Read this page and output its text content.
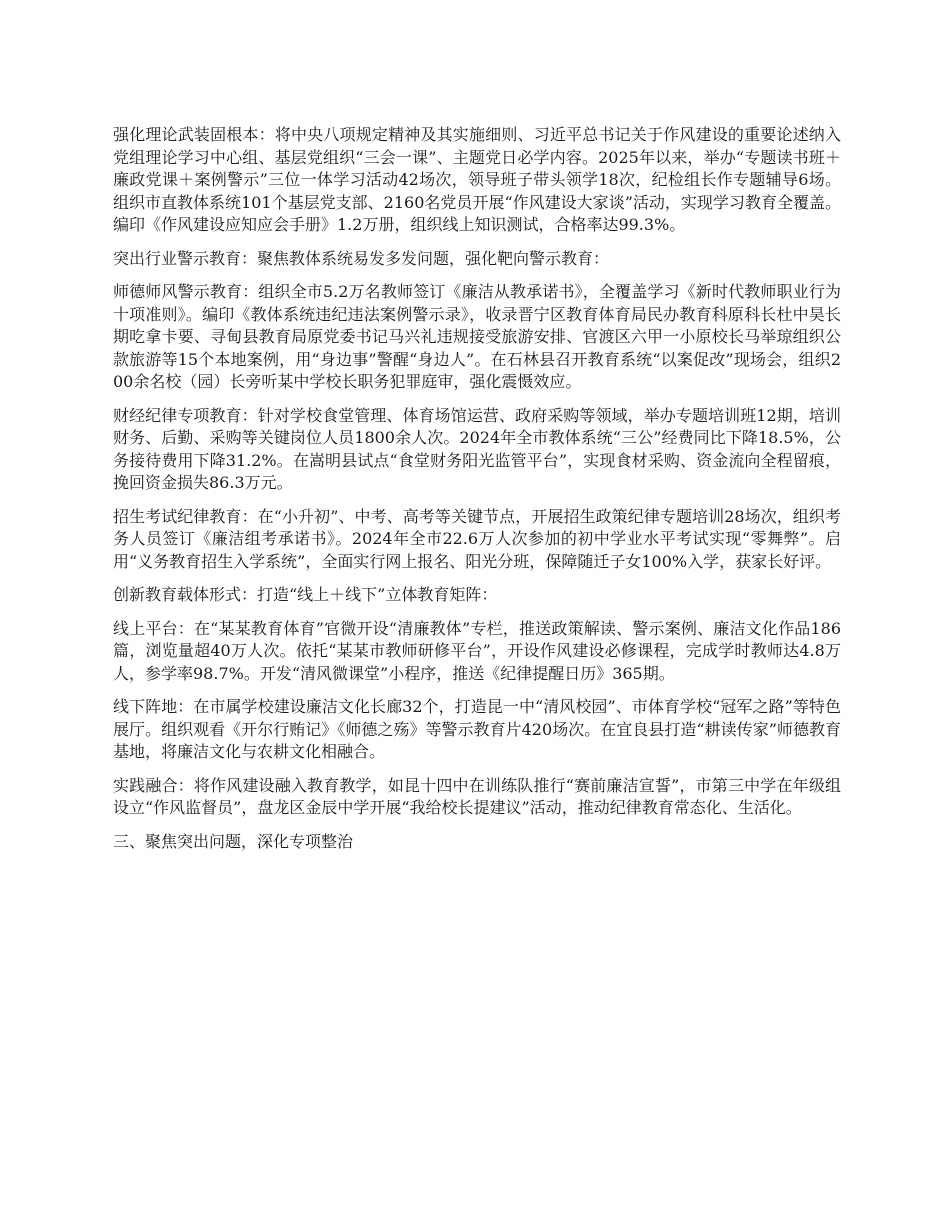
强化理论武装固根本：将中央八项规定精神及其实施细则、习近平总书记关于作风建设的重要论述纳入党组理论学习中心组、基层党组织“三会一课”、主题党日必学内容。2025年以来，举办“专题读书班＋廉政党课＋案例警示”三位一体学习活动42场次，领导班子带头领学18次，纪检组长作专题辅导6场。组织市直教体系统101个基层党支部、2160名党员开展“作风建设大家谈”活动，实现学习教育全覆盖。编印《作风建设应知应会手册》1.2万册，组织线上知识测试，合格率达99.3%。

突出行业警示教育：聚焦教体系统易发多发问题，强化靶向警示教育：

师德师风警示教育：组织全市5.2万名教师签订《廉洁从教承诺书》，全覆盖学习《新时代教师职业行为十项准则》。编印《教体系统违纪违法案例警示录》，收录晋宁区教育体育局民办教育科原科长杜中昊长期吃拿卡要、寻甸县教育局原党委书记马兴礼违规接受旅游安排、官渡区六甲一小原校长马举琼组织公款旅游等15个本地案例，用“身边事”警醒“身边人”。在石林县召开教育系统“以案促改”现场会，组织200余名校（园）长旁听某中学校长职务犯罪庭审，强化震慑效应。

财经纪律专项教育：针对学校食堂管理、体育场馆运营、政府采购等领域，举办专题培训班12期，培训财务、后勤、采购等关键岗位人员1800余人次。2024年全市教体系统“三公”经费同比下降18.5%，公务接待费用下降31.2%。在嵩明县试点“食堂财务阳光监管平台”，实现食材采购、资金流向全程留痕，挽回资金损失86.3万元。

招生考试纪律教育：在“小升初”、中考、高考等关键节点，开展招生政策纪律专题培训28场次，组织考务人员签订《廉洁组考承诺书》。2024年全市22.6万人次参加的初中学业水平考试实现“零舞弊”。启用“义务教育招生入学系统”，全面实行网上报名、阳光分班，保障随迁子女100%入学，获家长好评。

创新教育载体形式：打造“线上＋线下”立体教育矩阵：

线上平台：在“某某教育体育”官微开设“清廉教体”专栏，推送政策解读、警示案例、廉洁文化作品186篇，浏览量超40万人次。依托“某某市教师研修平台”，开设作风建设必修课程，完成学时教师达4.8万人，参学率98.7%。开发“清风微课堂”小程序，推送《纪律提醒日历》365期。

线下阵地：在市属学校建设廉洁文化长廊32个，打造昆一中“清风校园”、市体育学校“冠军之路”等特色展厅。组织观看《开尔行贿记》《师德之殇》等警示教育片420场次。在宜良县打造“耕读传家”师德教育基地，将廉洁文化与农耕文化相融合。

实践融合：将作风建设融入教育教学，如昆十四中在训练队推行“赛前廉洁宣誓”，市第三中学在年级组设立“作风监督员”，盘龙区金辰中学开展“我给校长提建议”活动，推动纪律教育常态化、生活化。

三、聚焦突出问题，深化专项整治
